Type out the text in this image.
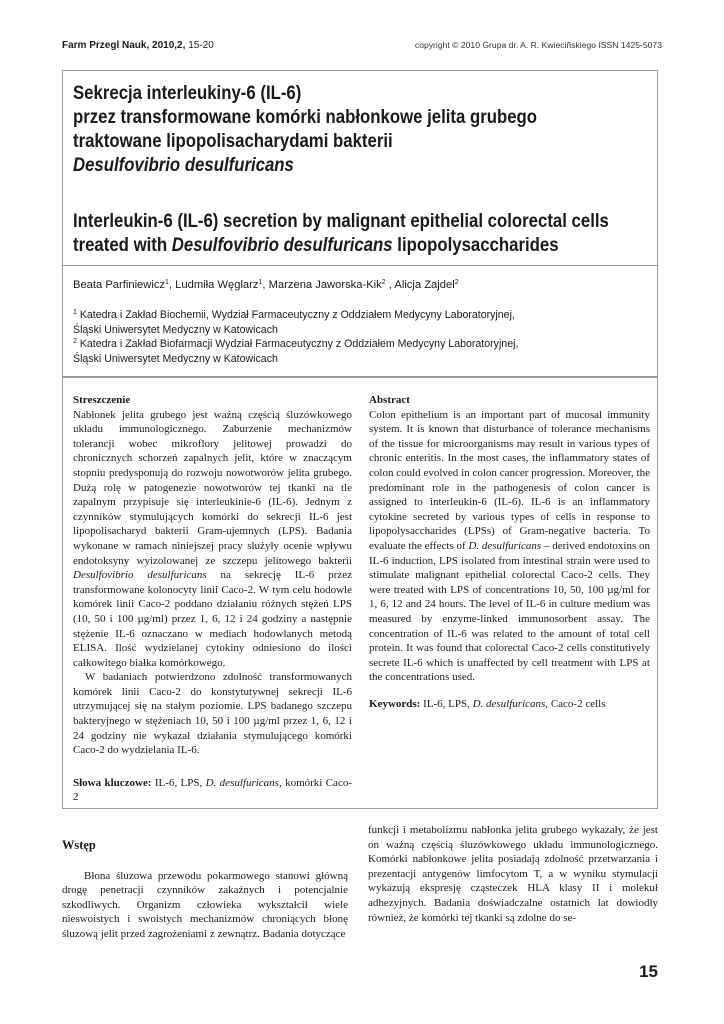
Farm Przegl Nauk, 2010,2, 15-20	copyright © 2010 Grupa dr. A. R. Kwieciñskiego ISSN 1425-5073
Sekrecja interleukiny-6 (IL-6)
przez transformowane komórki nabłonkowe jelita grubego
traktowane lipopolisacharydami bakterii
Desulfovibrio desulfuricans
Interleukin-6 (IL-6) secretion by malignant epithelial colorectal cells
treated with Desulfovibrio desulfuricans lipopolysaccharides
Beata Parfiniewicz$^1$, Ludmiła Węglarz$^1$, Marzena Jaworska-Kik$^2$ , Alicja Zajdel$^2$
$^1$ Katedra i Zakład Biochemii, Wydział Farmaceutyczny z Oddziałem Medycyny Laboratoryjnej,
Śląski Uniwersytet Medyczny w Katowicach
$^2$ Katedra i Zakład Biofarmacji Wydział Farmaceutyczny z Oddziałem Medycyny Laboratoryjnej,
Śląski Uniwersytet Medyczny w Katowicach
Streszczenie
Nabłonek jelita grubego jest ważną częścią śluzówkowego układu immunologicznego. Zaburzenie mechanizmów tolerancji wobec mikroflory jelitowej prowadzi do chronicznych schorzeń zapalnych jelit, które w znaczącym stopniu predysponują do rozwoju nowotworów jelita grubego. Dużą rolę w patogenezie nowotworów tej tkanki na tle zapalnym przypisuje się interleukinie-6 (IL-6). Jednym z czynników stymulujących komórki do sekrecji IL-6 jest lipopolisacharyd bakterii Gram-ujemnych (LPS). Badania wykonane w ramach niniejszej pracy służyły ocenie wpływu endotoksyny wyizolowanej ze szczepu jelitowego bakterii Desulfovibrio desulfuricans na sekrecję IL-6 przez transformowane kolonocyty linii Caco-2. W tym celu hodowle komórek linii Caco-2 poddano działaniu różnych stężeń LPS (10, 50 i 100 µg/ml) przez 1, 6, 12 i 24 godziny a następnie stężenie IL-6 oznaczano w mediach hodowlanych metodą ELISA. Ilość wydzielanej cytokiny odniesiono do ilości całkowitego białka komórkowego.
W badaniach potwierdzono zdolność transformowanych komórek linii Caco-2 do konstytutywnej sekrecji IL-6 utrzymującej się na stałym poziomie. LPS badanego szczepu bakteryjnego w stężeniach 10, 50 i 100 µg/ml przez 1, 6, 12 i 24 godziny nie wykazał działania stymulującego komórki Caco-2 do wydzielania IL-6.
Słowa kluczowe: IL-6, LPS, D. desulfuricans, komórki Caco-2
Abstract
Colon epithelium is an important part of mucosal immunity system. It is known that disturbance of tolerance mechanisms of the tissue for microorganisms may result in various types of chronic enteritis. In the most cases, the inflammatory states of colon could evolved in colon cancer progression. Moreover, the predominant role in the pathogenesis of colon cancer is assigned to interleukin-6 (IL-6). IL-6 is an inflammatory cytokine secreted by various types of cells in response to lipopolysaccharides (LPSs) of Gram-negative bacteria. To evaluate the effects of D. desulfuricans – derived endotoxins on IL-6 induction, LPS isolated from intestinal strain were used to stimulate malignant epithelial colorectal Caco-2 cells. They were treated with LPS of concentrations 10, 50, 100 µg/ml for 1, 6, 12 and 24 hours. The level of IL-6 in culture medium was measured by enzyme-linked immunosorbent assay. The concentration of IL-6 was related to the amount of total cell protein. It was found that colorectal Caco-2 cells constitutively secrete IL-6 which is unaffected by cell treatment with LPS at the concentrations used.
Keywords: IL-6, LPS, D. desulfuricans, Caco-2 cells
Wstęp
Błona śluzowa przewodu pokarmowego stanowi główną drogę penetracji czynników zakaźnych i potencjalnie szkodliwych. Organizm człowieka wykształcił wiele nieswoistych i swoistych mechanizmów chroniących błonę śluzową jelit przed zagrożeniami z zewnątrz. Badania dotyczące
funkcji i metabolizmu nabłonka jelita grubego wykazały, że jest on ważną częścią śluzówkowego układu immunologicznego. Komórki nabłonkowe jelita posiadają zdolność przetwarzania i prezentacji antygenów limfocytom T, a w wyniku stymulacji wykazują ekspresję cząsteczek HLA klasy II i molekuł adhezyjnych. Badania doświadczalne ostatnich lat dowiodły również, że komórki tej tkanki są zdolne do se-
15
